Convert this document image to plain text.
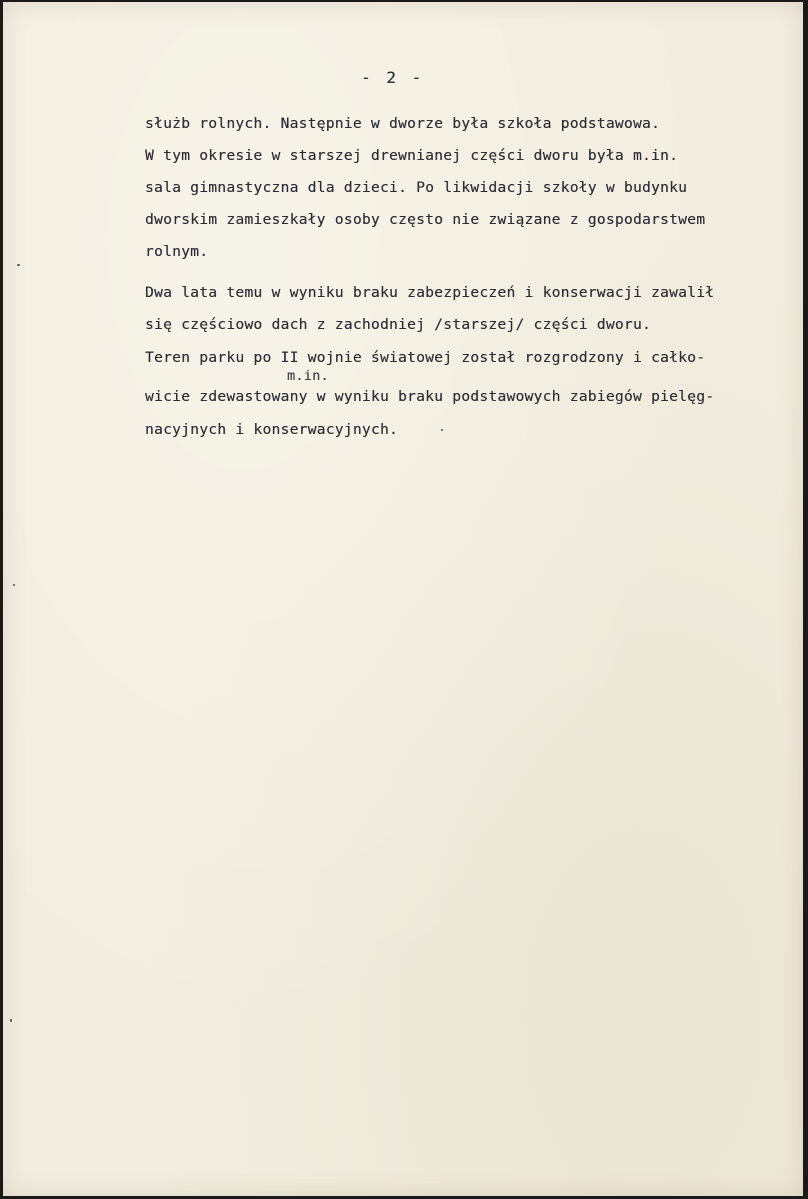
- 2 -
służb rolnych. Następnie w dworze była szkoła podstawowa.
W tym okresie w starszej drewnianej części dworu była m.in.
sala gimnastyczna dla dzieci. Po likwidacji szkoły w budynku
dworskim zamieszkały osoby często nie związane z gospodarstwem
rolnym.
Dwa lata temu w wyniku braku zabezpieczeń i konserwacji zawalił
się częściowo dach z zachodniej /starszej/ części dworu.
Teren parku po II wojnie światowej został rozgrodzony i całko-
m.in.
wicie zdewastowany w wyniku braku podstawowych zabiegów pielęg-
nacyjnych i konserwacyjnych.
